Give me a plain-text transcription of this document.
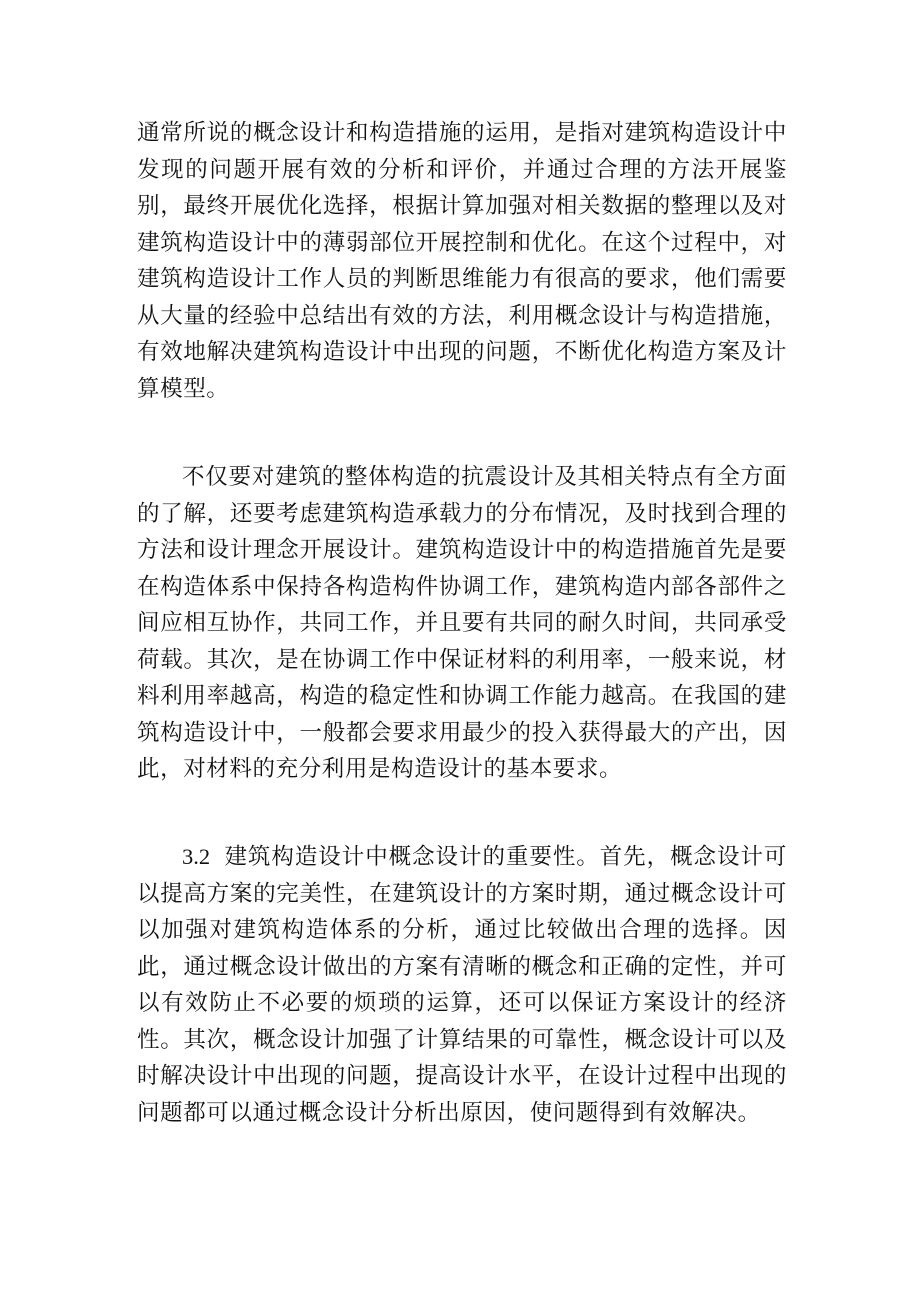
通常所说的概念设计和构造措施的运用，是指对建筑构造设计中发现的问题开展有效的分析和评价，并通过合理的方法开展鉴别，最终开展优化选择，根据计算加强对相关数据的整理以及对建筑构造设计中的薄弱部位开展控制和优化。在这个过程中，对建筑构造设计工作人员的判断思维能力有很高的要求，他们需要从大量的经验中总结出有效的方法，利用概念设计与构造措施，有效地解决建筑构造设计中出现的问题，不断优化构造方案及计算模型。

不仅要对建筑的整体构造的抗震设计及其相关特点有全方面的了解，还要考虑建筑构造承载力的分布情况，及时找到合理的方法和设计理念开展设计。建筑构造设计中的构造措施首先是要在构造体系中保持各构造构件协调工作，建筑构造内部各部件之间应相互协作，共同工作，并且要有共同的耐久时间，共同承受荷载。其次，是在协调工作中保证材料的利用率，一般来说，材料利用率越高，构造的稳定性和协调工作能力越高。在我国的建筑构造设计中，一般都会要求用最少的投入获得最大的产出，因此，对材料的充分利用是构造设计的基本要求。

3.2 建筑构造设计中概念设计的重要性。首先，概念设计可以提高方案的完美性，在建筑设计的方案时期，通过概念设计可以加强对建筑构造体系的分析，通过比较做出合理的选择。因此，通过概念设计做出的方案有清晰的概念和正确的定性，并可以有效防止不必要的烦琐的运算，还可以保证方案设计的经济性。其次，概念设计加强了计算结果的可靠性，概念设计可以及时解决设计中出现的问题，提高设计水平，在设计过程中出现的问题都可以通过概念设计分析出原因，使问题得到有效解决。
